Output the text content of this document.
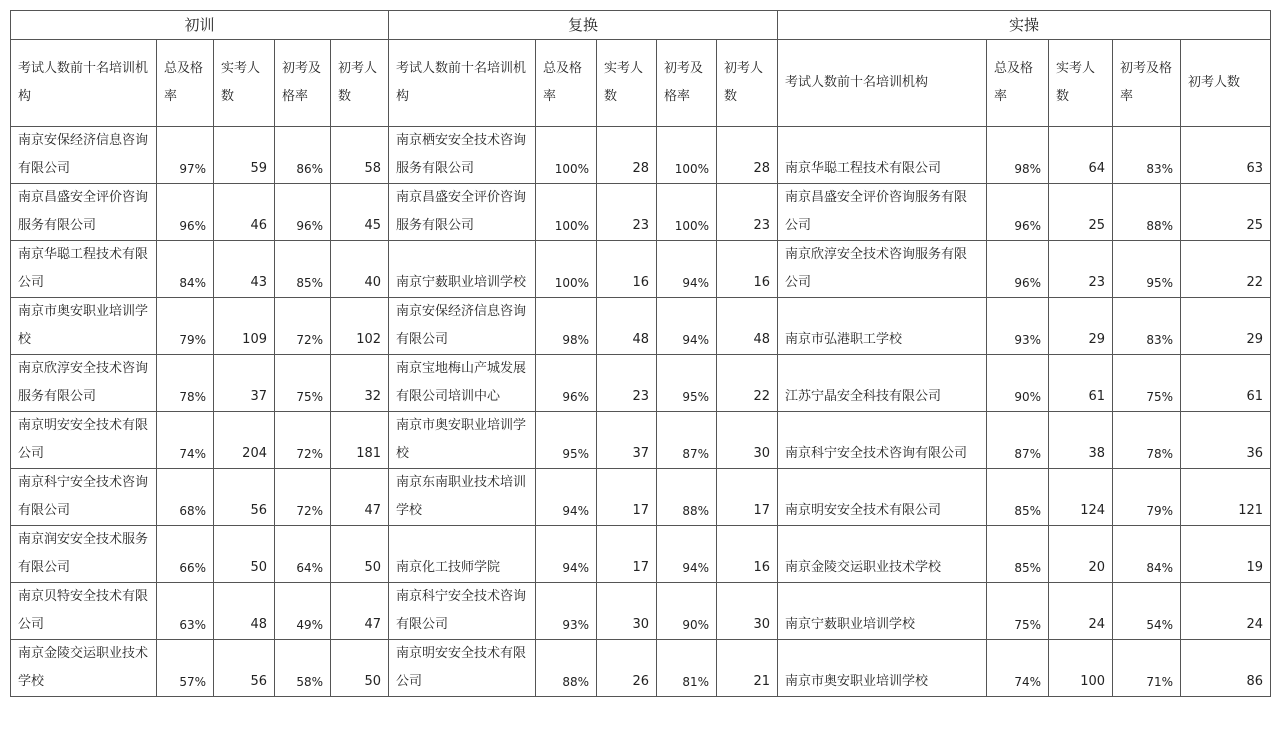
初训					复换					实操				
考试人数前十名培训机构	总及格率	实考人数	初考及格率	初考人数	考试人数前十名培训机构	总及格率	实考人数	初考及格率	初考人数	考试人数前十名培训机构	总及格率	实考人数	初考及格率	初考人数
南京安保经济信息咨询有限公司	97%	59	86%	58	南京栖安安全技术咨询服务有限公司	100%	28	100%	28	南京华聪工程技术有限公司	98%	64	83%	63
南京昌盛安全评价咨询服务有限公司	96%	46	96%	45	南京昌盛安全评价咨询服务有限公司	100%	23	100%	23	南京昌盛安全评价咨询服务有限公司	96%	25	88%	25
南京华聪工程技术有限公司	84%	43	85%	40	南京宁薮职业培训学校	100%	16	94%	16	南京欣淳安全技术咨询服务有限公司	96%	23	95%	22
南京市奥安职业培训学校	79%	109	72%	102	南京安保经济信息咨询有限公司	98%	48	94%	48	南京市弘港职工学校	93%	29	83%	29
南京欣淳安全技术咨询服务有限公司	78%	37	75%	32	南京宝地梅山产城发展有限公司培训中心	96%	23	95%	22	江苏宁晶安全科技有限公司	90%	61	75%	61
南京明安安全技术有限公司	74%	204	72%	181	南京市奥安职业培训学校	95%	37	87%	30	南京科宁安全技术咨询有限公司	87%	38	78%	36
南京科宁安全技术咨询有限公司	68%	56	72%	47	南京东南职业技术培训学校	94%	17	88%	17	南京明安安全技术有限公司	85%	124	79%	121
南京润安安全技术服务有限公司	66%	50	64%	50	南京化工技师学院	94%	17	94%	16	南京金陵交运职业技术学校	85%	20	84%	19
南京贝特安全技术有限公司	63%	48	49%	47	南京科宁安全技术咨询有限公司	93%	30	90%	30	南京宁薮职业培训学校	75%	24	54%	24
南京金陵交运职业技术学校	57%	56	58%	50	南京明安安全技术有限公司	88%	26	81%	21	南京市奥安职业培训学校	74%	100	71%	86
